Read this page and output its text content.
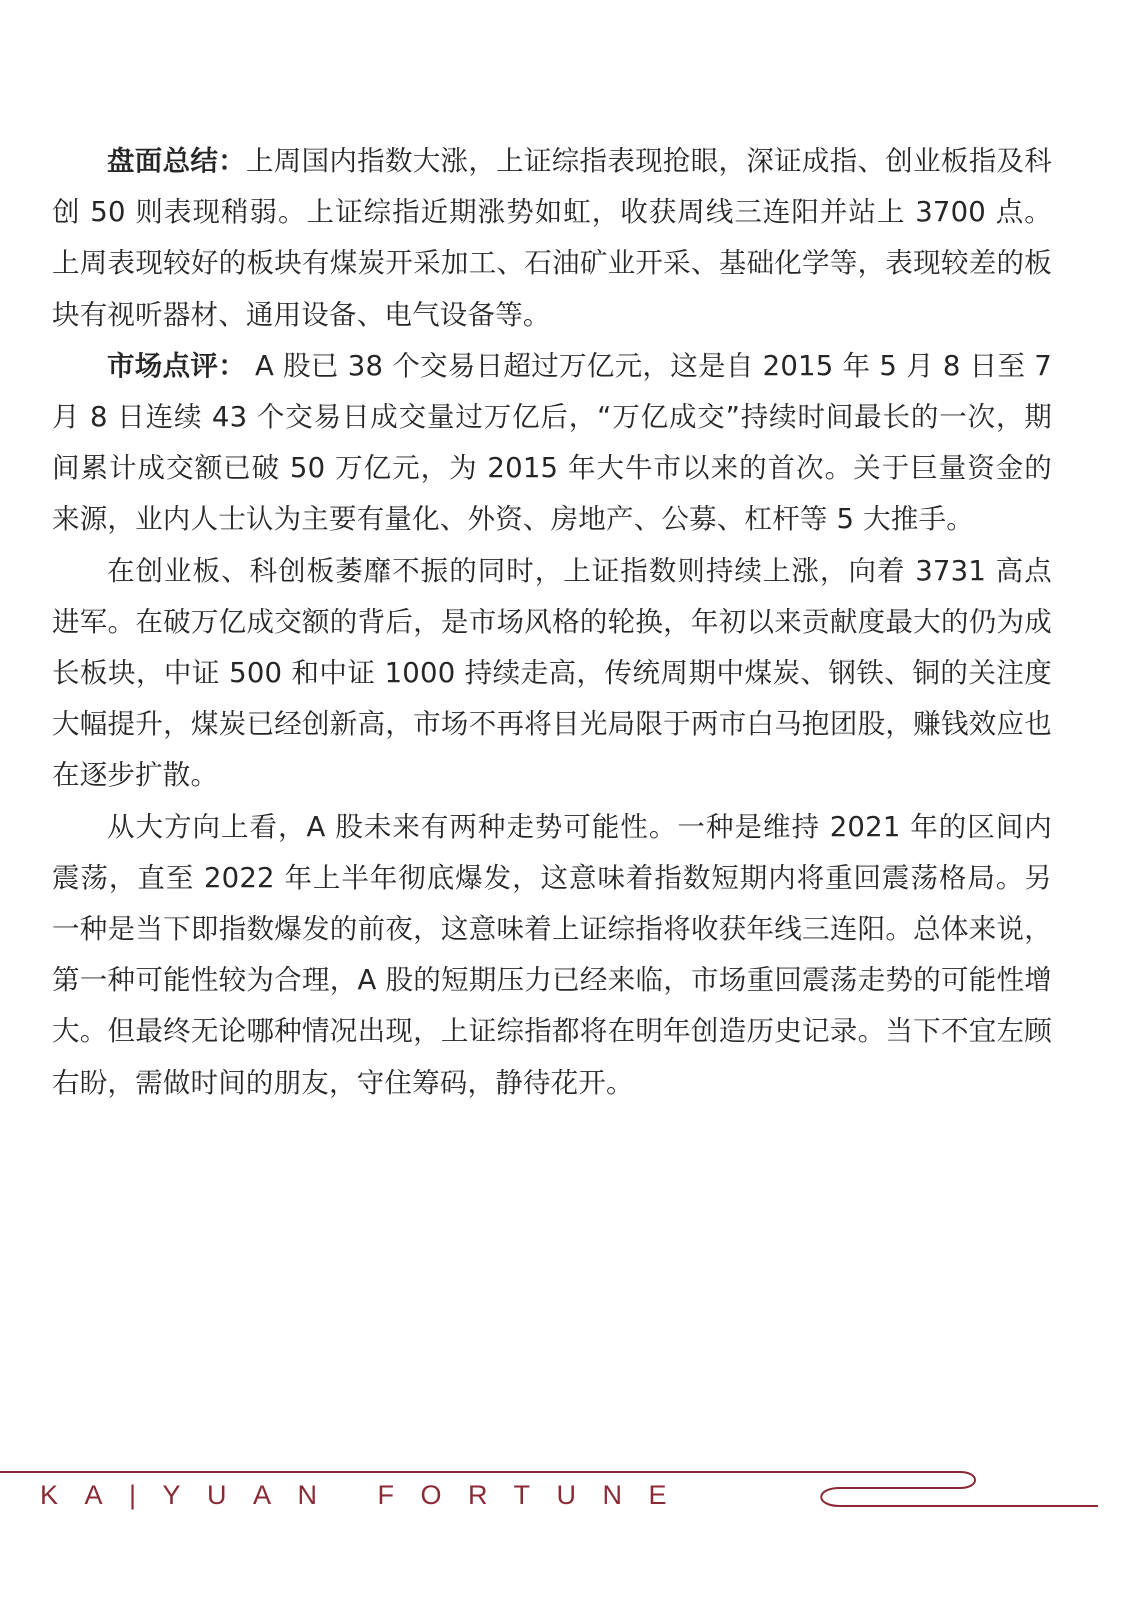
盘面总结：上周国内指数大涨，上证综指表现抢眼，深证成指、创业板指及科创 50 则表现稍弱。上证综指近期涨势如虹，收获周线三连阳并站上 3700 点。上周表现较好的板块有煤炭开采加工、石油矿业开采、基础化学等，表现较差的板块有视听器材、通用设备、电气设备等。

市场点评： A 股已 38 个交易日超过万亿元，这是自 2015 年 5 月 8 日至 7 月 8 日连续 43 个交易日成交量过万亿后，“万亿成交”持续时间最长的一次，期间累计成交额已破 50 万亿元，为 2015 年大牛市以来的首次。关于巨量资金的来源，业内人士认为主要有量化、外资、房地产、公募、杠杆等 5 大推手。

在创业板、科创板萎靡不振的同时，上证指数则持续上涨，向着 3731 高点进军。在破万亿成交额的背后，是市场风格的轮换，年初以来贡献度最大的仍为成长板块，中证 500 和中证 1000 持续走高，传统周期中煤炭、钢铁、铜的关注度大幅提升，煤炭已经创新高，市场不再将目光局限于两市白马抱团股，赚钱效应也在逐步扩散。

从大方向上看，A 股未来有两种走势可能性。一种是维持 2021 年的区间内震荡，直至 2022 年上半年彻底爆发，这意味着指数短期内将重回震荡格局。另一种是当下即指数爆发的前夜，这意味着上证综指将收获年线三连阳。总体来说，第一种可能性较为合理，A 股的短期压力已经来临，市场重回震荡走势的可能性增大。但最终无论哪种情况出现，上证综指都将在明年创造历史记录。当下不宜左顾右盼，需做时间的朋友，守住筹码，静待花开。

KA|YUAN FORTUNE
